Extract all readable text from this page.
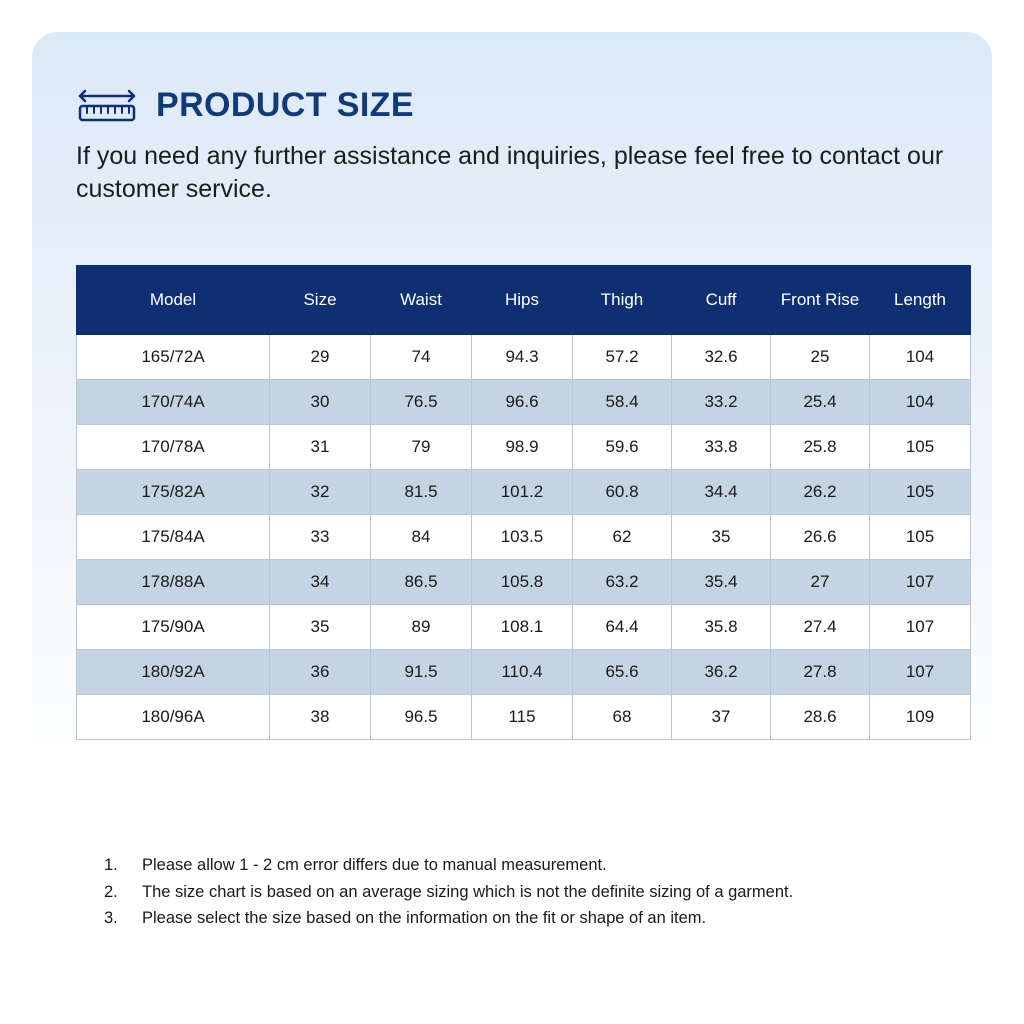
PRODUCT SIZE

If you need any further assistance and inquiries, please feel free to contact our customer service.

Model	Size	Waist	Hips	Thigh	Cuff	Front Rise	Length
165/72A	29	74	94.3	57.2	32.6	25	104
170/74A	30	76.5	96.6	58.4	33.2	25.4	104
170/78A	31	79	98.9	59.6	33.8	25.8	105
175/82A	32	81.5	101.2	60.8	34.4	26.2	105
175/84A	33	84	103.5	62	35	26.6	105
178/88A	34	86.5	105.8	63.2	35.4	27	107
175/90A	35	89	108.1	64.4	35.8	27.4	107
180/92A	36	91.5	110.4	65.6	36.2	27.8	107
180/96A	38	96.5	115	68	37	28.6	109
1.	Please allow 1 - 2 cm error differs due to manual measurement.
2.	The size chart is based on an average sizing which is not the definite sizing of a garment.
3.	Please select the size based on the information on the fit or shape of an item.
